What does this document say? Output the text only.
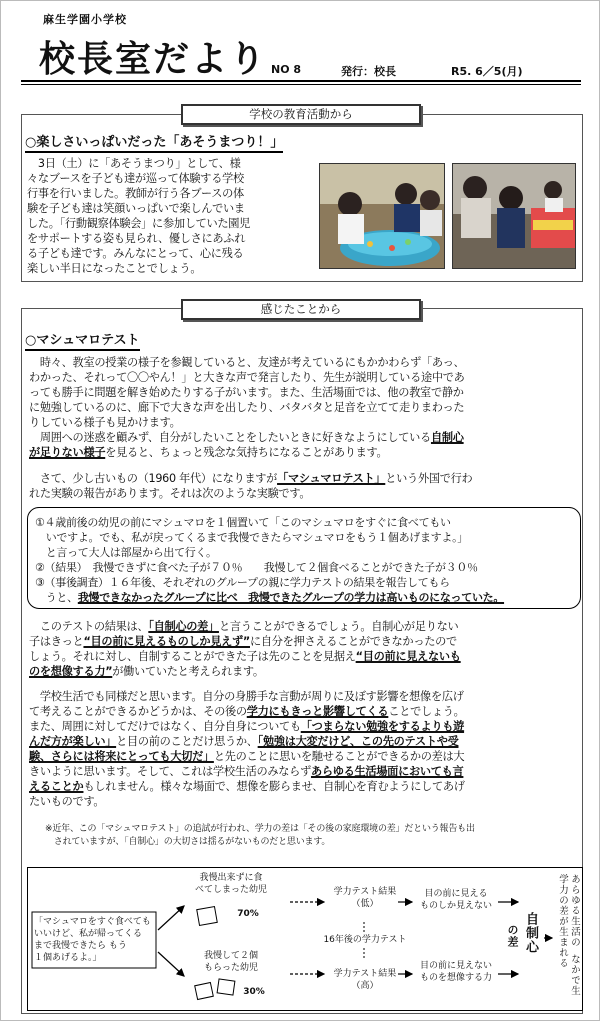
麻生学園小学校
校長室だより NO 8	発行：校長	R5. 6／5(月)
学校の教育活動から
○楽しさいっぱいだった「あそうまつり！」
　3日（土）に「あそうまつり」として、様
々なブースを子ども達が巡って体験する学校
行事を行いました。教師が行う各ブースの体
験を子ども達は笑顔いっぱいで楽しんでいま
した。「行動観察体験会」に参加していた園児
をサポートする姿も見られ、優しさにあふれ
る子ども達です。みんなにとって、心に残る
楽しい半日になったことでしょう。
感じたことから
○マシュマロテスト
　時々、教室の授業の様子を参観していると、友達が考えているにもかかわらず「あっ、
わかった、それって〇〇やん！」と大きな声で発言したり、先生が説明している途中であ
っても勝手に問題を解き始めたりする子がいます。また、生活場面では、他の教室で静か
に勉強しているのに、廊下で大きな声を出したり、バタバタと足音を立てて走りまわった
りしている様子も見かけます。
　周囲への迷惑を顧みず、自分がしたいことをしたいときに好きなようにしている自制心
が足りない様子を見ると、ちょっと残念な気持ちになることがあります。
　さて、少し古いもの（1960 年代）になりますが「マシュマロテスト」という外国で行わ
れた実験の報告があります。それは次のような実験です。
①４歳前後の幼児の前にマシュマロを１個置いて「このマシュマロをすぐに食べてもい
　いですよ。でも、私が戻ってくるまで我慢できたらマシュマロをもう１個あげますよ。」
　と言って大人は部屋から出て行く。
②（結果）　我慢できずに食べた子が７０％　　 我慢して２個食べることができた子が３０％
③（事後調査）１６年後、それぞれのグループの親に学力テストの結果を報告してもら
　うと、我慢できなかったグループに比べ　我慢できたグループの学力は高いものになっていた。
　このテストの結果は、「自制心の差」と言うことができるでしょう。自制心が足りない
子はきっと“目の前に見えるものしか見えず”に自分を押さえることができなかったので
しょう。それに対し、自制することができた子は先のことを見据え“目の前に見えないも
のを想像する力”が働いていたと考えられます。
　学校生活でも同様だと思います。自分の身勝手な言動が周りに及ぼす影響を想像を広げ
て考えることができるかどうかは、その後の学力にもきっと影響してくることでしょう。
また、周囲に対してだけではなく、自分自身についても「つまらない勉強をするよりも遊
んだ方が楽しい」と目の前のことだけ思うか、「勉強は大変だけど、この先のテストや受
験、さらには将来にとっても大切だ」と先のことに思いを馳せることができるかの差は大
きいように思います。そして、これは学校生活のみならずあらゆる生活場面においても言
えることかもしれません。様々な場面で、想像を膨らませ、自制心を育むようにしてあげ
たいものです。
※近年、この「マシュマロテスト」の追試が行われ、学力の差は「その後の家庭環境の差」だという報告も出
　されていますが、「自制心」の大切さは揺るがないものだと思います。
「マシュマロをすぐ食べても
いいけど、私が帰ってくる
まで我慢できたら もう
１個あげるよ。」
我慢出来ずに食
べてしまった幼児
70%
我慢して２個
もらった幼児
30%
学力テスト結果
（低）
16年後の学力テスト
学力テスト結果
（高）
目の前に見える
ものしか見えない
目の前に見えない
ものを想像する力
自制心
の差	あらゆる生活の
なかで生
学力の差が生まれる
